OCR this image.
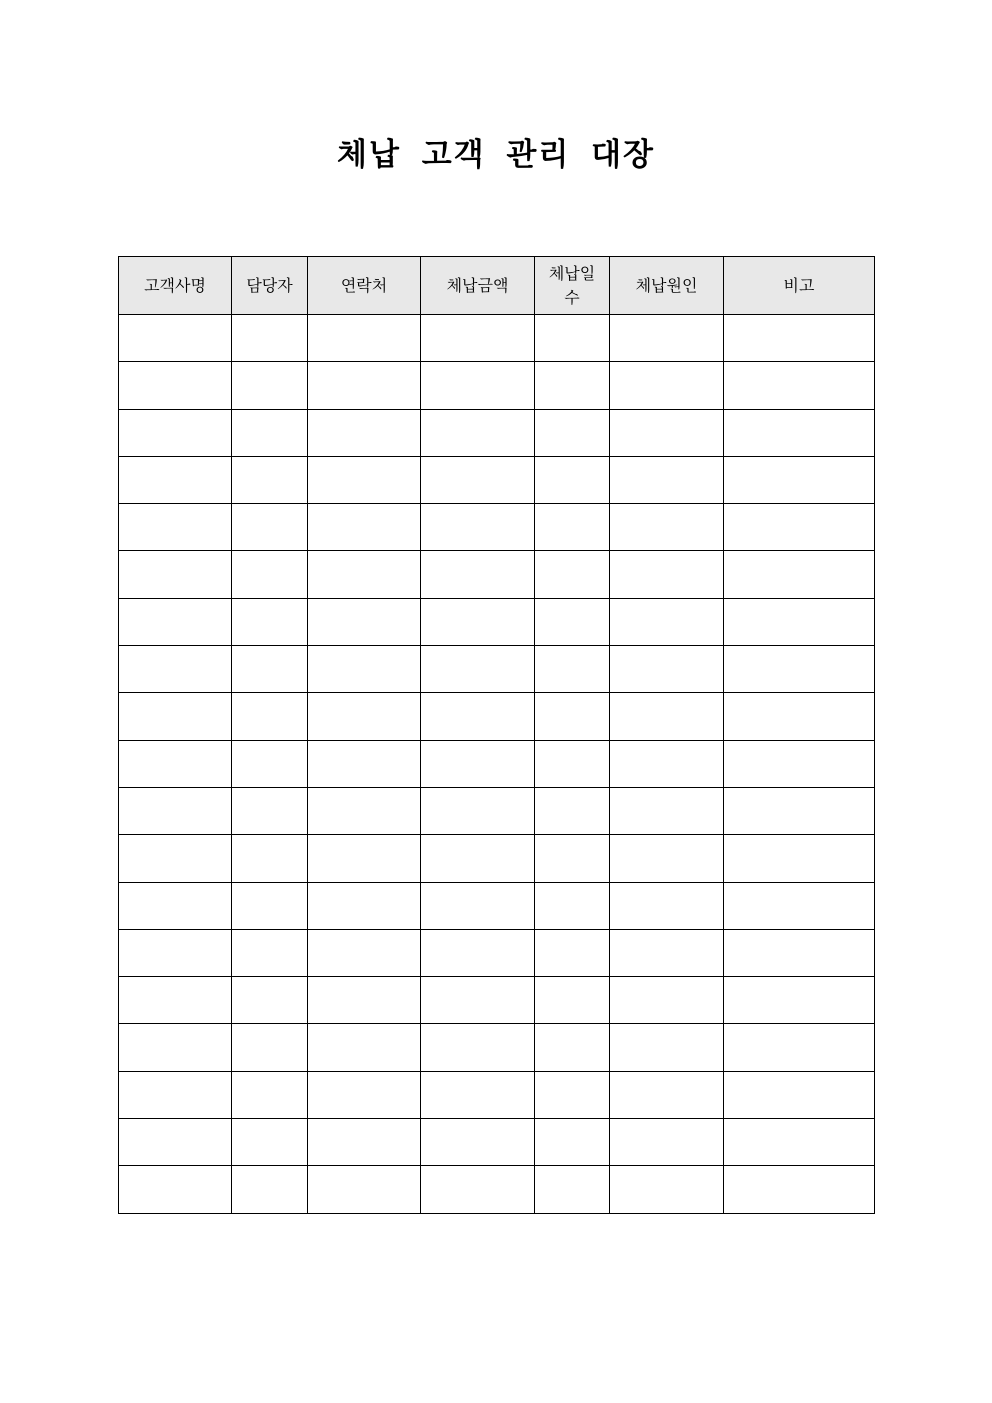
체납 고객 관리 대장
고객사명	담당자	연락처	체납금액	체납일수	체납원인	비고
